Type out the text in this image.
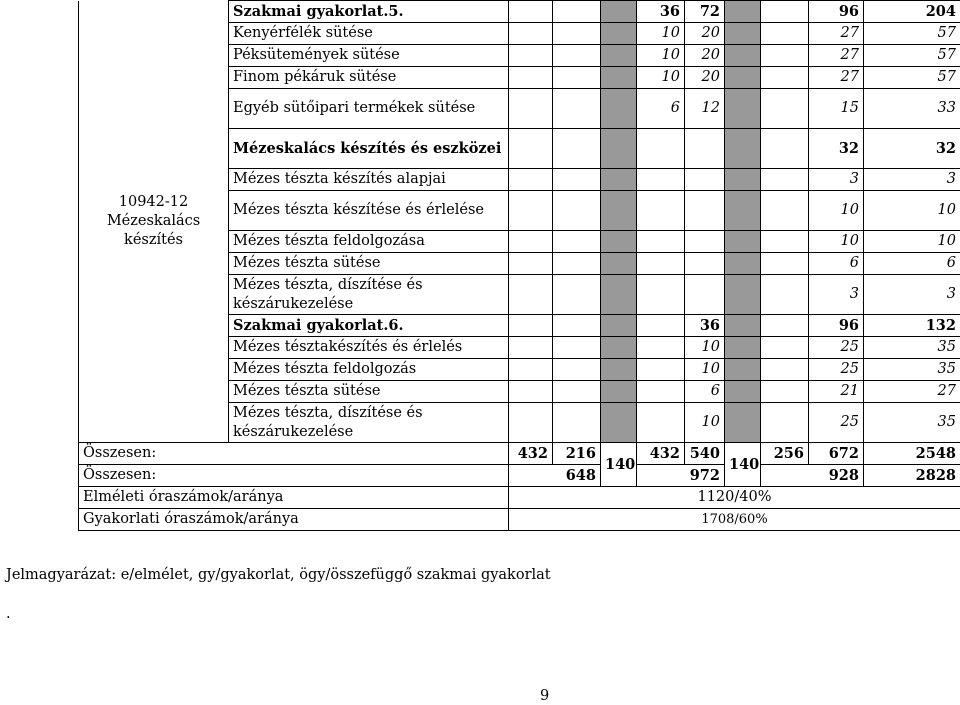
10942-12
Mézeskalács készítés	Szakmai gyakorlat.5.				36	72			96	204
	Kenyérfélék sütése				10	20			27	57
	Péksütemények sütése				10	20			27	57
	Finom pékáruk sütése				10	20			27	57
	Egyéb sütőipari termékek sütése				6	12			15	33
	Mézeskalács készítés és eszközei								32	32
	Mézes tészta készítés alapjai								3	3
	Mézes tészta készítése és érlelése								10	10
	Mézes tészta feldolgozása								10	10
	Mézes tészta sütése								6	6
	Mézes tészta, díszítése és készárukezelése								3	3
	Szakmai gyakorlat.6.					36			96	132
	Mézes tésztakészítés és érlelés					10			25	35
	Mézes tészta feldolgozás					10			25	35
	Mézes tészta sütése					6			21	27
	Mézes tészta, díszítése és készárukezelése					10			25	35
Összesen:		432	216	140	432	540	140	256	672	2548
Összesen:		648			972			928		2828
Elméleti óraszámok/aránya		1120/40%								
Gyakorlati óraszámok/aránya		1708/60%								
Jelmagyarázat: e/elmélet, gy/gyakorlat, ögy/összefüggő szakmai gyakorlat
.
9
